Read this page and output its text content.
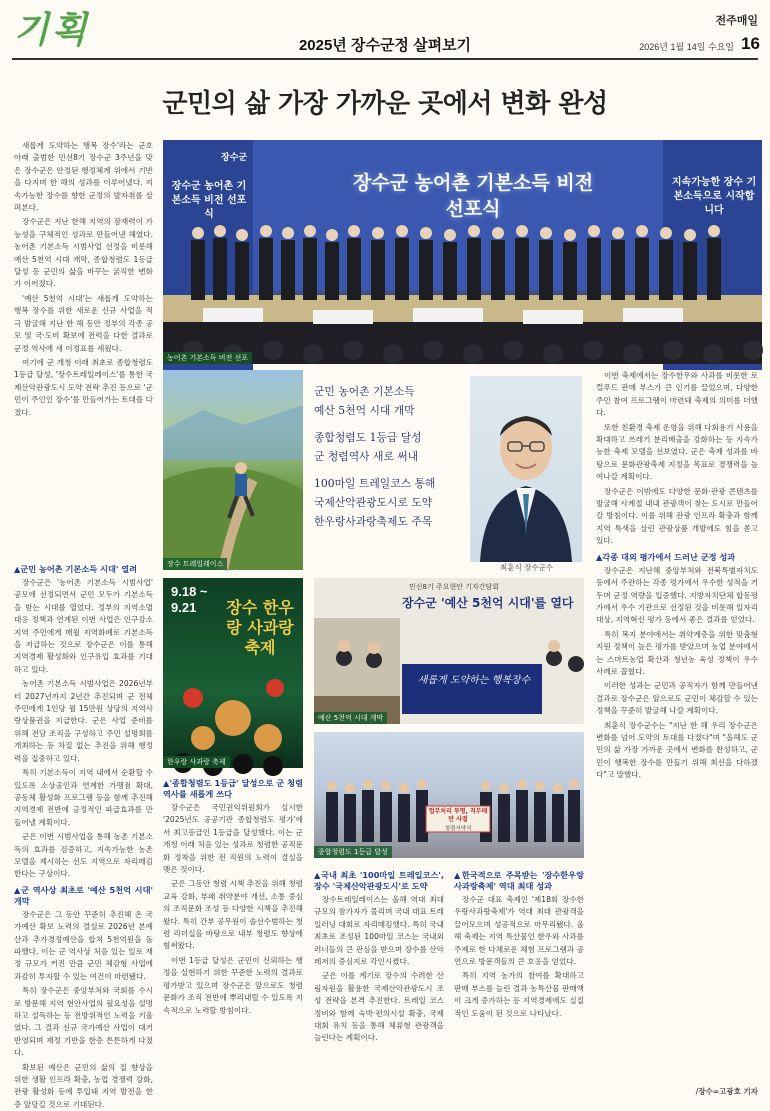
기획	2025년 장수군정 살펴보기
전주매일
2026년 1월 14일 수요일 16
군민의 삶 가장 가까운 곳에서 변화 완성

새롭게 도약하는 행복 장수'라는 군호 아래 출범한 민선8기 장수군 3주년을 맞은 장수군은 안정된 행정체계 위에서 기반을 다지며 한 해의 성과를 이루어냈다. 지속가능한 장수를 향한 군정의 발자취를 살펴본다.

장수군은 지난 한해 지역의 잠재력이 가능성을 구체적인 성과로 만들어낸 해였다. 농어촌 기본소득 시범사업 선정을 비롯해 예산 5천억 시대 개막, 종합청렴도 1등급 달성 등 군민의 삶을 바꾸는 굵직한 변화가 이어졌다.

'예산 5천억 시대'는 새롭게 도약하는 행복 장수를 위한 새로운 신규 사업을 적극 발굴해 지난 한 해 동안 정부의 각종 공모 및 국·도비 확보에 전력을 다한 결과로 군정 역사에 새 이정표를 세웠다.

여기에 군 개청 이래 최초로 종합청렴도 1등급 달성, '장수트레일레이스'를 통한 국제산악관광도시 도약 전략 추진 등으로 '군민이 주인인 장수'를 만들어가는 토대를 다졌다.

▲군민 농어촌 기본소득 시대' 열려

장수군은 '농어촌 기본소득 시범사업' 공모에 선정되면서 군민 모두가 기본소득을 받는 시대를 열었다. 정부의 지역소멸 대응 정책과 연계된 이번 사업은 인구감소지역 주민에게 매월 지역화폐로 기본소득을 지급하는 것으로 장수군은 이를 통해 지역경제 활성화와 인구유입 효과를 기대하고 있다.

농어촌 기본소득 시범사업은 2026년부터 2027년까지 2년간 추진되며 군 전체 주민에게 1인당 월 15만원 상당의 지역사랑상품권을 지급한다. 군은 사업 준비를 위해 전담 조직을 구성하고 주민 설명회를 개최하는 등 차질 없는 추진을 위해 행정력을 집중하고 있다.

특히 기본소득이 지역 내에서 순환할 수 있도록 소상공인과 연계한 가맹점 확대, 공동체 활성화 프로그램 등을 함께 추진해 지역경제 전반에 긍정적인 파급효과를 만들어낼 계획이다.

군은 이번 시범사업을 통해 농촌 기본소득의 효과를 검증하고, 지속가능한 농촌 모델을 제시하는 선도 지역으로 자리매김한다는 구상이다.

▲군 역사상 최초로 '예산 5천억 시대' 개막

장수군은 그 동안 꾸준히 추진해 온 국가예산 확보 노력의 결실로 2026년 본예산과 추가경정예산을 합쳐 5천억원을 돌파했다. 이는 군 역사상 처음 있는 일로 재정 규모가 커진 만큼 군민 체감형 사업에 과감히 투자할 수 있는 여건이 마련됐다.

특히 장수군은 중앙부처와 국회를 수시로 방문해 지역 현안사업의 필요성을 설명하고 설득하는 등 전방위적인 노력을 기울였다. 그 결과 신규 국가예산 사업이 대거 반영되며 재정 기반을 한층 튼튼하게 다졌다.

확보된 예산은 군민의 삶의 질 향상을 위한 생활 인프라 확충, 농업 경쟁력 강화, 관광 활성화 등에 투입돼 지역 발전을 한층 앞당길 것으로 기대된다.

장수군
장수군 농어촌 기본소득 비전 선포식
장수군 농어촌 기본소득 비전 선포식
지속가능한 장수 기본소득으로 시작합니다
농어촌 기본소득 비전 선포
장수 트레일레이스
군민 농어촌 기본소득
예산 5천억 시대 개막
종합청렴도 1등급 달성
군 청렴역사 새로 써내
100마일 트레일코스 통해
국제산악관광도시로 도약
한우랑사과랑축제도 주목
최훈식 장수군수
9.18 ~ 9.21	장수 한우랑 사과랑 축제
한우랑 사과랑 축제
민선8기 주요현안 기자간담회
장수군 '예산 5천억 시대'를 열다
새롭게 도약하는 행복장수
예산 5천억 시대 개막
업무처리 투명, 직무태만 사절
청렴서약식
종합청렴도 1등급 달성
▲'종합청렴도 1등급' 달성으로 군 청렴역사를 새롭게 쓰다

장수군은 국민권익위원회가 실시한 '2025년도 공공기관 종합청렴도 평가'에서 최고등급인 1등급을 달성했다. 이는 군 개청 이래 처음 있는 성과로 청렴한 공직문화 정착을 위한 전 직원의 노력이 결실을 맺은 것이다.

군은 그동안 청렴 시책 추진을 위해 청렴 교육 강화, 부패 취약분야 개선, 소통 중심의 조직문화 조성 등 다양한 시책을 추진해 왔다. 특히 간부 공무원이 솔선수범하는 청렴 리더십을 바탕으로 내부 청렴도 향상에 힘써왔다.

이번 1등급 달성은 군민이 신뢰하는 행정을 실현하기 위한 꾸준한 노력의 결과로 평가받고 있으며 장수군은 앞으로도 청렴 문화가 조직 전반에 뿌리내릴 수 있도록 지속적으로 노력할 방침이다.

▲국내 최초 '100마일 트레일코스', 장수 '국제산악관광도시'로 도약

장수트레일레이스는 올해 역대 최대 규모의 참가자가 몰리며 국내 대표 트레일러닝 대회로 자리매김했다. 특히 국내 최초로 조성된 100마일 코스는 국내외 러너들의 큰 관심을 받으며 장수를 산악레저의 중심지로 각인시켰다.

군은 이를 계기로 장수의 수려한 산림자원을 활용한 국제산악관광도시 조성 전략을 본격 추진한다. 트레일 코스 정비와 함께 숙박·편의시설 확충, 국제대회 유치 등을 통해 체류형 관광객을 늘린다는 계획이다.

▲한국적으로 주목받는 '장수한우랑사과랑축제' 역대 최대 성과

장수군 대표 축제인 '제18회 장수한우랑사과랑축제'가 역대 최대 관광객을 끌어모으며 성공적으로 마무리됐다. 올해 축제는 지역 특산물인 한우와 사과를 주제로 한 다채로운 체험 프로그램과 공연으로 방문객들의 큰 호응을 얻었다.

특히 지역 농가의 참여를 확대하고 판매 부스를 늘린 결과 농특산물 판매액이 크게 증가하는 등 지역경제에도 실질적인 도움이 된 것으로 나타났다.

이번 축제에서는 장수한우와 사과를 비롯한 로컬푸드 판매 부스가 큰 인기를 끌었으며, 다양한 주민 참여 프로그램이 마련돼 축제의 의미를 더했다.

또한 친환경 축제 운영을 위해 다회용기 사용을 확대하고 쓰레기 분리배출을 강화하는 등 지속가능한 축제 모델을 선보였다. 군은 축제 성과를 바탕으로 문화관광축제 지정을 목표로 경쟁력을 높여나갈 계획이다.

장수군은 이밖에도 다양한 문화·관광 콘텐츠를 발굴해 사계절 내내 관광객이 찾는 도시로 만들어갈 방침이다. 이를 위해 관광 인프라 확충과 함께 지역 특색을 살린 관광상품 개발에도 힘을 쏟고 있다.

▲각종 대외 평가에서 드러난 군정 성과

장수군은 지난해 중앙부처와 전북특별자치도 등에서 주관하는 각종 평가에서 우수한 성적을 거두며 군정 역량을 입증했다. 지방자치단체 합동평가에서 우수 기관으로 선정된 것을 비롯해 일자리 대상, 지역혁신 평가 등에서 좋은 결과를 얻었다.

특히 복지 분야에서는 취약계층을 위한 맞춤형 지원 정책이 높은 평가를 받았으며 농업 분야에서는 스마트농업 확산과 청년농 육성 정책이 우수 사례로 꼽혔다.

이러한 성과는 군민과 공직자가 함께 만들어낸 결과로 장수군은 앞으로도 군민이 체감할 수 있는 정책을 꾸준히 발굴해 나갈 계획이다.

최훈식 장수군수는 "지난 한 해 우리 장수군은 변화를 넘어 도약의 토대를 다졌다"며 "올해도 군민의 삶 가장 가까운 곳에서 변화를 완성하고, 군민이 행복한 장수를 만들기 위해 최선을 다하겠다"고 말했다.

/장수=고광호 기자
